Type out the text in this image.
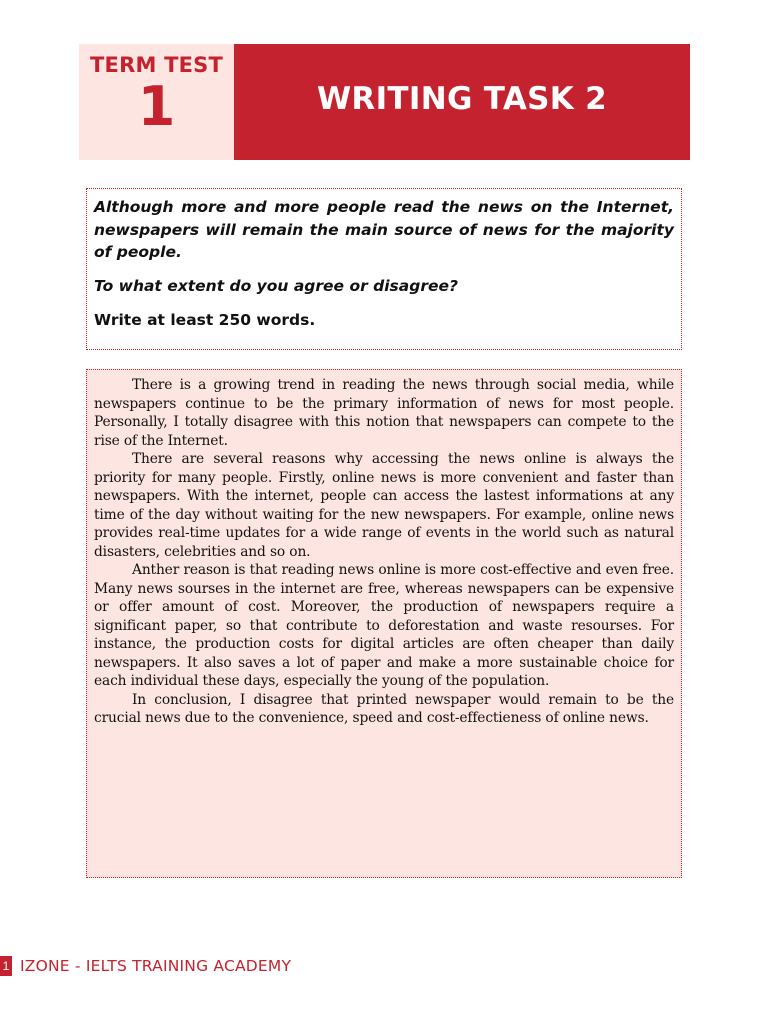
TERM TEST
1	WRITING TASK 2

Although more and more people read the news on the Internet, newspapers will remain the main source of news for the majority of people.

To what extent do you agree or disagree?

Write at least 250 words.

There is a growing trend in reading the news through social media, while newspapers continue to be the primary information of news for most people. Personally, I totally disagree with this notion that newspapers can compete to the rise of the Internet.

There are several reasons why accessing the news online is always the priority for many people. Firstly, online news is more convenient and faster than newspapers. With the internet, people can access the lastest informations at any time of the day without waiting for the new newspapers. For example, online news provides real-time updates for a wide range of events in the world such as natural disasters, celebrities and so on.

Anther reason is that reading news online is more cost-effective and even free. Many news sourses in the internet are free, whereas newspapers can be expensive or offer amount of cost. Moreover, the production of newspapers require a significant paper, so that contribute to deforestation and waste resourses. For instance, the production costs for digital articles are often cheaper than daily newspapers. It also saves a lot of paper and make a more sustainable choice for each individual these days, especially the young of the population.

In conclusion, I disagree that printed newspaper would remain to be the crucial news due to the convenience, speed and cost-effectieness of online news.

1 IZONE - IELTS TRAINING ACADEMY
